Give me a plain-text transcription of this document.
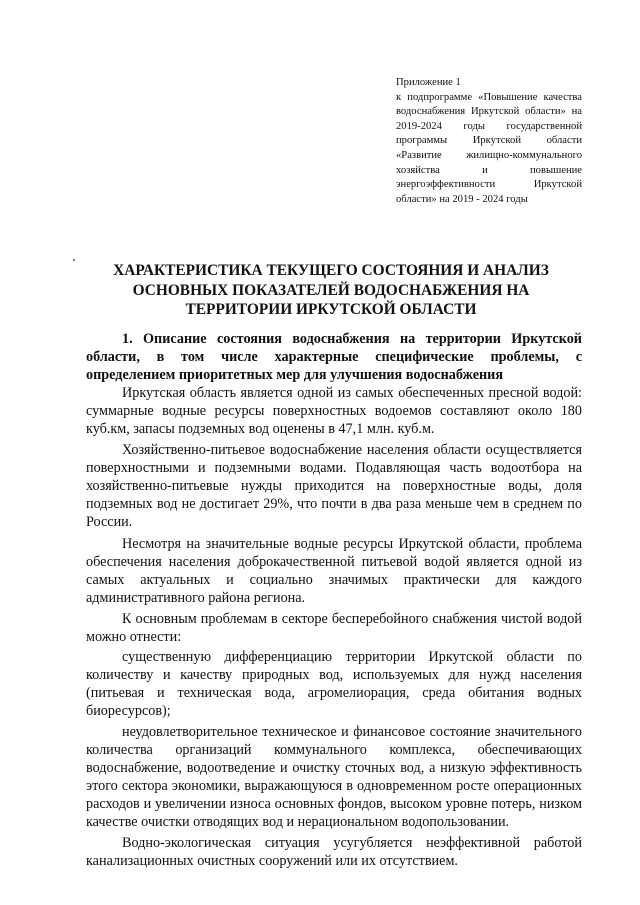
Приложение 1
к подпрограмме «Повышение качества водоснабжения Иркутской области» на 2019-2024 годы государственной программы Иркутской области «Развитие жилищно-коммунального хозяйства и повышение энергоэффективности Иркутской области» на 2019 - 2024 годы
ХАРАКТЕРИСТИКА ТЕКУЩЕГО СОСТОЯНИЯ И АНАЛИЗ ОСНОВНЫХ ПОКАЗАТЕЛЕЙ ВОДОСНАБЖЕНИЯ НА ТЕРРИТОРИИ ИРКУТСКОЙ ОБЛАСТИ

1. Описание состояния водоснабжения на территории Иркутской области, в том числе характерные специфические проблемы, с определением приоритетных мер для улучшения водоснабжения

Иркутская область является одной из самых обеспеченных пресной водой: суммарные водные ресурсы поверхностных водоемов составляют около 180 куб.км, запасы подземных вод оценены в 47,1 млн. куб.м.

Хозяйственно-питьевое водоснабжение населения области осуществляется поверхностными и подземными водами. Подавляющая часть водоотбора на хозяйственно-питьевые нужды приходится на поверхностные воды, доля подземных вод не достигает 29%, что почти в два раза меньше чем в среднем по России.

Несмотря на значительные водные ресурсы Иркутской области, проблема обеспечения населения доброкачественной питьевой водой является одной из самых актуальных и социально значимых практически для каждого административного района региона.

К основным проблемам в секторе бесперебойного снабжения чистой водой можно отнести:

существенную дифференциацию территории Иркутской области по количеству и качеству природных вод, используемых для нужд населения (питьевая и техническая вода, агромелиорация, среда обитания водных биоресурсов);

неудовлетворительное техническое и финансовое состояние значительного количества организаций коммунального комплекса, обеспечивающих водоснабжение, водоотведение и очистку сточных вод, а низкую эффективность этого сектора экономики, выражающуюся в одновременном росте операционных расходов и увеличении износа основных фондов, высоком уровне потерь, низком качестве очистки отводящих вод и нерациональном водопользовании.

Водно-экологическая ситуация усугубляется неэффективной работой канализационных очистных сооружений или их отсутствием.
